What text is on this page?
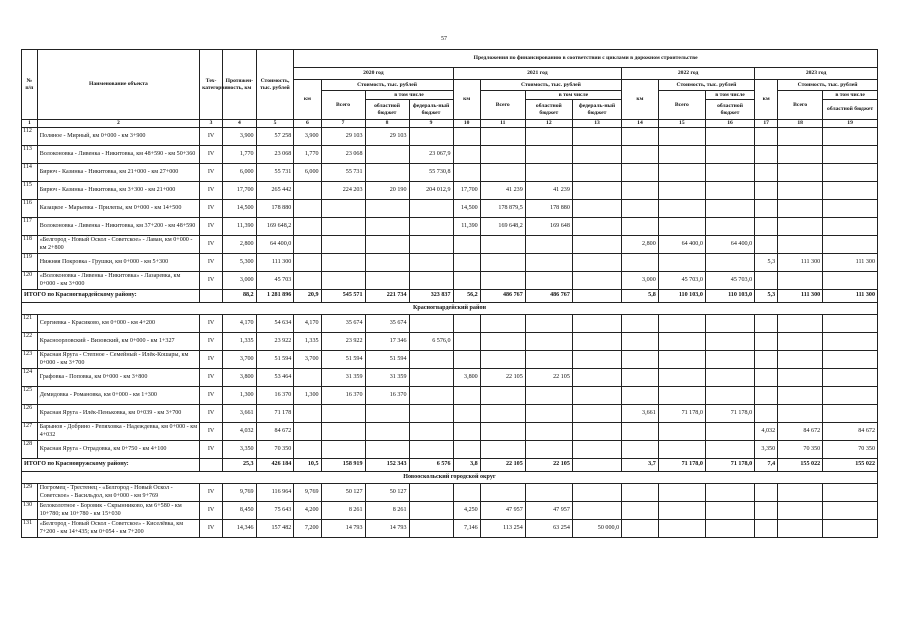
57
№ п/п	Наименование объекта	Тех-категория	Протяжен-ность, км	Стоимость, тыс. рублей	Предложения по финансированию в соответствии с циклами в дорожном строительстве													
					2020 год				2021 год				2022 год			2023 год		
					км	Стоимость, тыс. рублей			км	Стоимость, тыс. рублей			км	Стоимость, тыс. рублей		км	Стоимость, тыс. рублей	
						Всего	в том числе			Всего	в том числе			Всего	в том числе		Всего	в том числе
							областной бюджет	федераль-ный бюджет			областной бюджет	федераль-ный бюджет			областной бюджет			областной бюджет
1	2	3	4	5	6	7	8	9	10	11	12	13	14	15	16	17	18	19
112	Поляное - Мирный, км 0+000 - км 3+900	IV	3,900	57 258	3,900	29 103	29 103											
113	Волоконовка - Ливенка - Никитовка, км 48+590 - км 50+360	IV	1,770	23 068	1,770	23 068		23 067,9										
114	Бирюч - Казинка - Никитовка, км 21+000 - км 27+000	IV	6,000	55 731	6,000	55 731		55 730,8										
115	Бирюч - Казинка - Никитовка, км 3+300 - км 21+000	IV	17,700	265 442		224 203	20 190	204 012,9	17,700	41 239	41 239							
116	Казацкое - Марьевка - Прилепы, км 0+000 - км 14+500	IV	14,500	178 880					14,500	178 879,5	178 880							
117	Волоконовка - Ливенка - Никитовка, км 37+200 - км 48+590	IV	11,390	169 648,2					11,390	169 648,2	169 648							
118	«Белгород - Новый Оскол - Советское» - Лаван, км 0+000 - км 2+800	IV	2,800	64 400,0									2,800	64 400,0	64 400,0			
119	Нижняя Покровка - Грушки, км 0+000 - км 5+300	IV	5,300	111 300												5,3	111 300	111 300
120	«Волоконовка - Ливенка - Никитовка» - Лазаревка, км 0+000 - км 3+000	IV	3,000	45 703									3,000	45 703,0	45 703,0			
ИТОГО по Красногвардейскому району:			88,2	1 281 896	20,9	545 571	221 734	323 837	56,2	486 767	486 767		5,8	110 103,0	110 103,0	5,3	111 300	111 300
Красногвардейский район																		
121	Сергиевка - Красиково, км 0+000 - км 4+200	IV	4,170	54 634	4,170	35 674	35 674											
122	Красноорловский - Визовский, км 0+000 - км 1+327	IV	1,335	23 922	1,335	23 922	17 346	6 576,0										
123	Красная Яруга - Степное - Семейный - Илёк-Кошары, км 0+000 - км 3+700	IV	3,700	51 594	3,700	51 594	51 594											
124	Графовка - Поповка, км 0+000 - км 3+800	IV	3,800	53 464		31 359	31 359		3,800	22 105	22 105							
125	Демидовка - Романовка, км 0+000 - км 1+300	IV	1,300	16 370	1,300	16 370	16 370											
126	Красная Яруга - Илёк-Пеньковка, км 0+039 - км 3+700	IV	3,661	71 178									3,661	71 178,0	71 178,0			
127	Барынов - Добрино - Репяховка - Надеждевка, км 0+000 - км 4+032	IV	4,032	84 672												4,032	84 672	84 672
128	Красная Яруга - Отрадовка, км 0+750 - км 4+100	IV	3,350	70 350												3,350	70 350	70 350
ИТОГО по Краснояружскому району:			25,3	426 184	10,5	158 919	152 343	6 576	3,8	22 105	22 105		3,7	71 178,0	71 178,0	7,4	155 022	155 022
Новооскольский городской округ																		
129	Погромец - Трестенец - «Белгород - Новый Оскол - Советское» - Васильдол, км 0+000 - км 9+769	IV	9,769	116 964	9,769	50 127	50 127											
130	Белоколотное - Боровик - Скрынниково, км 6+580 - км 10+780; км 10+780 - км 15+030	IV	8,450	75 643	4,200	8 261	8 261		4,250	47 957	47 957							
131	«Белгород - Новый Оскол - Советское» - Киселёвка, км 7+200 - км 14+435; км 0+054 - км 7+200	IV	14,346	157 482	7,200	14 793	14 793		7,146	113 254	63 254	50 000,0						
